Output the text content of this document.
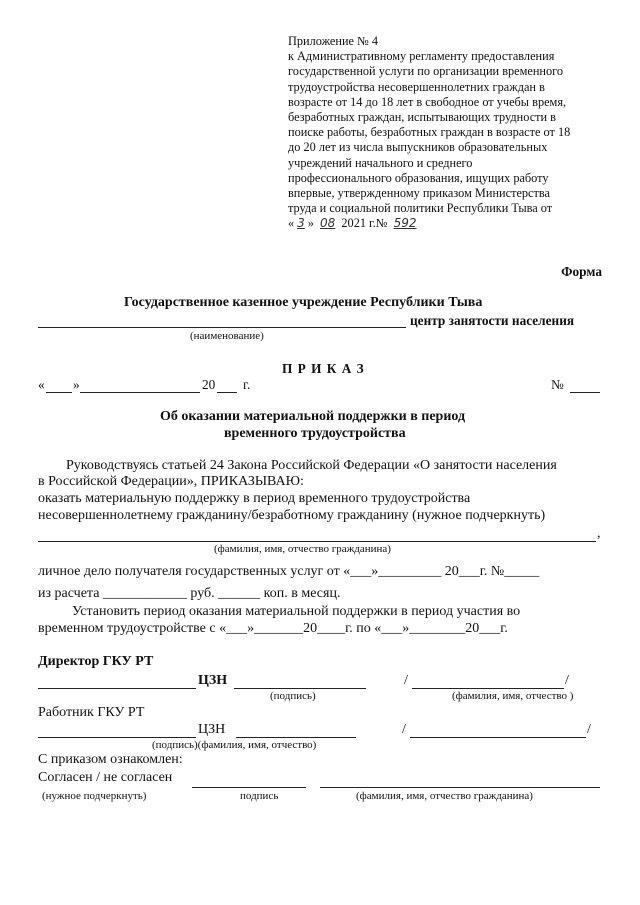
Приложение № 4
к Административному регламенту предоставления
государственной услуги по организации временного
трудоустройства несовершеннолетних граждан в
возрасте от 14 до 18 лет в свободное от учебы время,
безработных граждан, испытывающих трудности в
поиске работы, безработных граждан в возрасте от 18
до 20 лет из числа выпускников образовательных
учреждений начального и среднего
профессионального образования, ищущих работу
впервые, утвержденному приказом Министерства
труда и социальной политики Республики Тыва от
« 3 » 08 2021 г.№ 592
Форма
Государственное казенное учреждение Республики Тыва
центр занятости населения
(наименование)
П Р И К А З
« »	20 г.	№
Об оказании материальной поддержки в период
временного трудоустройства
Руководствуясь статьей 24 Закона Российской Федерации «О занятости населения
в Российской Федерации», ПРИКАЗЫВАЮ:
оказать материальную поддержку в период временного трудоустройства
несовершеннолетнему гражданину/безработному гражданину (нужное подчеркнуть)
,
(фамилия, имя, отчество гражданина)
личное дело получателя государственных услуг от «___»_________ 20___г. №_____
из расчета ____________ руб. ______ коп. в месяц.
Установить период оказания материальной поддержки в период участия во
временном трудоустройстве с «___»_______20____г. по «___»________20___г.
Директор ГКУ РТ
ЦЗН	/	/
(подпись)	(фамилия, имя, отчество )
Работник ГКУ РТ
ЦЗН	/	/
(подпись)(фамилия, имя, отчество)
С приказом ознакомлен:
Согласен / не согласен
(нужное подчеркнуть)	подпись	(фамилия, имя, отчество гражданина)
